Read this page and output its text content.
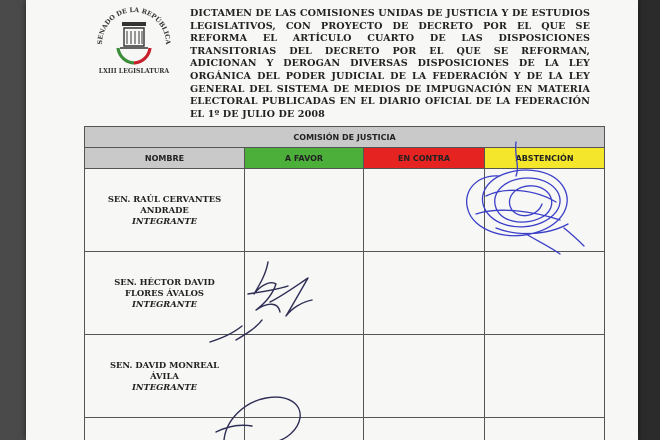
SENADO DE LA REPÚBLICA
LXIII LEGISLATURA
DICTAMEN DE LAS COMISIONES UNIDAS DE JUSTICIA Y DE ESTUDIOS LEGISLATIVOS, CON PROYECTO DE DECRETO POR EL QUE SE REFORMA EL ARTÍCULO CUARTO DE LAS DISPOSICIONES TRANSITORIAS DEL DECRETO POR EL QUE SE REFORMAN, ADICIONAN Y DEROGAN DIVERSAS DISPOSICIONES DE LA LEY ORGÁNICA DEL PODER JUDICIAL DE LA FEDERACIÓN Y DE LA LEY GENERAL DEL SISTEMA DE MEDIOS DE IMPUGNACIÓN EN MATERIA ELECTORAL PUBLICADAS EN EL DIARIO OFICIAL DE LA FEDERACIÓN EL 1º DE JULIO DE 2008
COMISIÓN DE JUSTICIA			
NOMBRE	A FAVOR	EN CONTRA	ABSTENCIÓN
SEN. RAÚL CERVANTES
ANDRADE
INTEGRANTE			

SEN. HÉCTOR DAVID
FLORES ÁVALOS
INTEGRANTE			

SEN. DAVID MONREAL
ÁVILA
INTEGRANTE			
